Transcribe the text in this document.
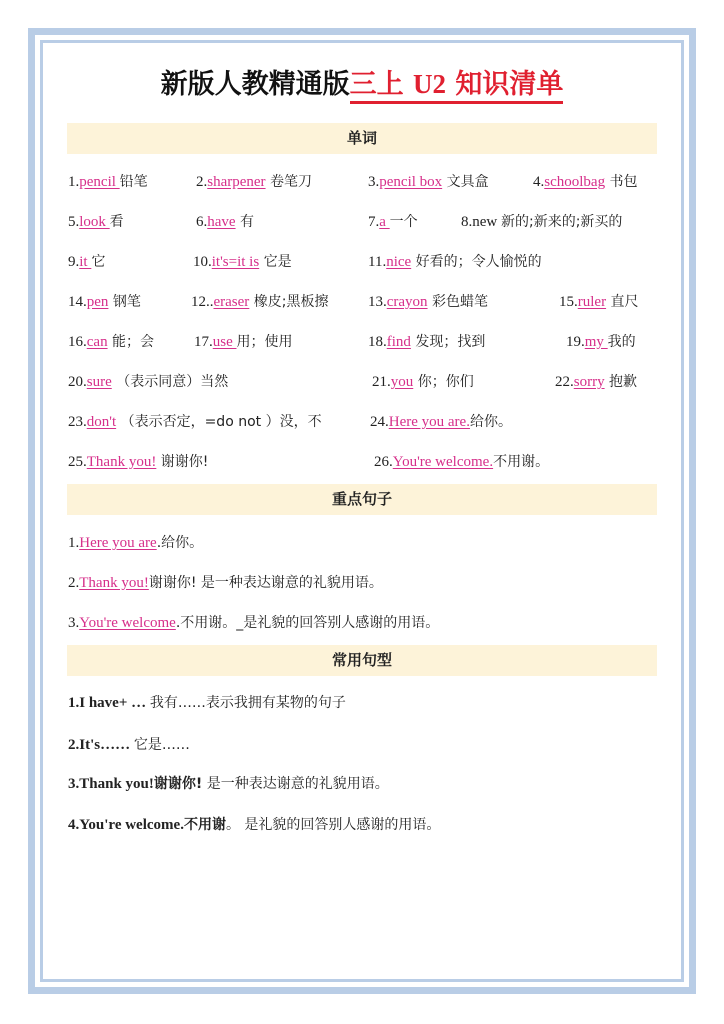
新版人教精通版三上 U2 知识清单
单词
1.pencil 铅笔	2.sharpener 卷笔刀	3.pencil box 文具盒	4.schoolbag 书包
5.look 看	6.have 有	7.a 一个	8.new 新的;新来的;新买的
9.it 它	10.it's=it is 它是	11.nice 好看的；令人愉悦的
14.pen 钢笔	12..eraser 橡皮;黑板擦	13.crayon 彩色蜡笔	15.ruler 直尺
16.can 能；会	17.use 用；使用	18.find 发现；找到	19.my 我的
20.sure （表示同意）当然	21.you 你；你们	22.sorry 抱歉
23.don't （表示否定，=do not ）没，不	24.Here you are.给你。
25.Thank you! 谢谢你!	26.You're welcome.不用谢。
重点句子
1.Here you are.给你。
2.Thank you!谢谢你! 是一种表达谢意的礼貌用语。
3.You're welcome.不用谢。_是礼貌的回答别人感谢的用语。
常用句型
1.I have+ … 我有……表示我拥有某物的句子
2.It's…… 它是……
3.Thank you!谢谢你! 是一种表达谢意的礼貌用语。
4.You're welcome.不用谢。 是礼貌的回答别人感谢的用语。
